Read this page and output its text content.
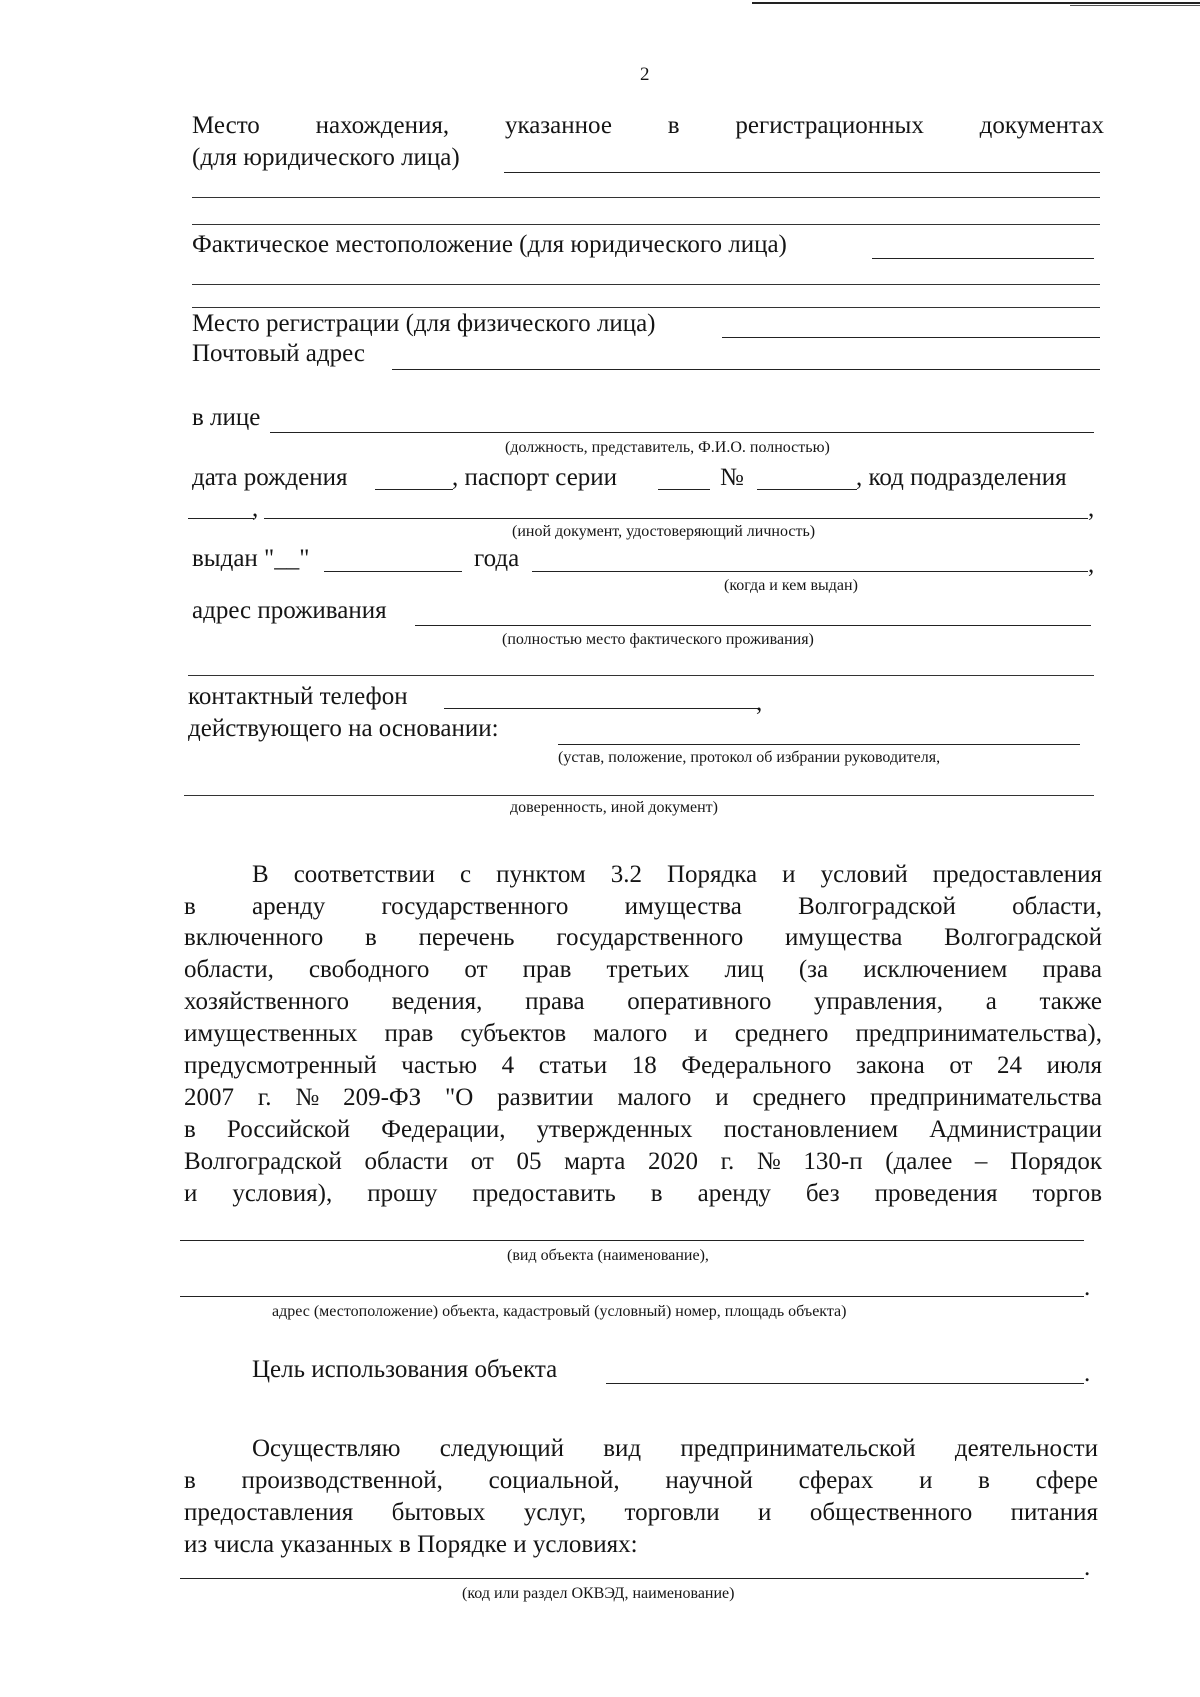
2
Место нахождения, указанное в регистрационных документах
(для юридического лица)
Фактическое местоположение (для юридического лица)
Место регистрации (для физического лица)
Почтовый адрес
в лице
(должность, представитель, Ф.И.О. полностью)
дата рождения	, паспорт серии	№	, код подразделения
,	,
(иной документ, удостоверяющий личность)
выдан "__"	года	,
(когда и кем выдан)
адрес проживания
(полностью место фактического проживания)
контактный телефон	,
действующего на основании:
(устав, положение, протокол об избрании руководителя,
доверенность, иной документ)
В соответствии с пунктом 3.2 Порядка и условий предоставления
в аренду государственного имущества Волгоградской области,
включенного в перечень государственного имущества Волгоградской
области, свободного от прав третьих лиц (за исключением права
хозяйственного ведения, права оперативного управления, а также
имущественных прав субъектов малого и среднего предпринимательства),
предусмотренный частью 4 статьи 18 Федерального закона от 24 июля
2007 г. № 209-ФЗ "О развитии малого и среднего предпринимательства
в Российской Федерации, утвержденных постановлением Администрации
Волгоградской области от 05 марта 2020 г. № 130-п (далее – Порядок
и условия), прошу предоставить в аренду без проведения торгов
(вид объекта (наименование),
.
адрес (местоположение) объекта, кадастровый (условный) номер, площадь объекта)
Цель использования объекта	.
Осуществляю следующий вид предпринимательской деятельности
в производственной, социальной, научной сферах и в сфере
предоставления бытовых услуг, торговли и общественного питания
из числа указанных в Порядке и условиях:
.
(код или раздел ОКВЭД, наименование)
